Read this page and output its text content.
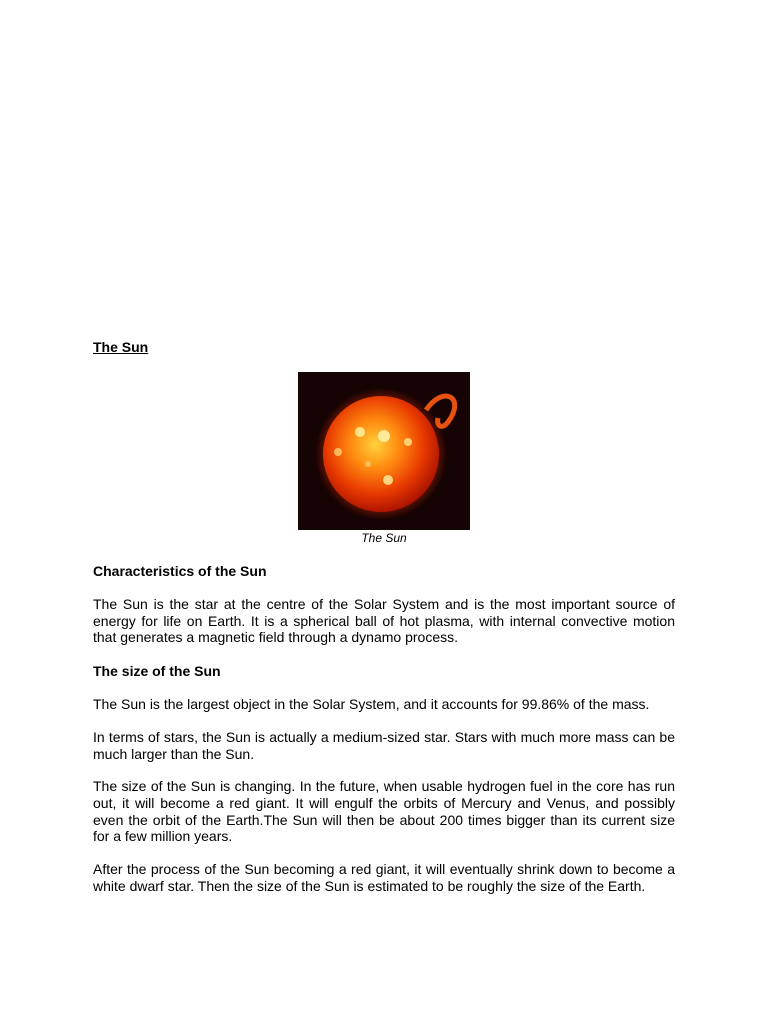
The Sun

The Sun

Characteristics of the Sun

The Sun is the star at the centre of the Solar System and is the most important source of energy for life on Earth. It is a spherical ball of hot plasma, with internal convective motion that generates a magnetic field through a dynamo process.

The size of the Sun

The Sun is the largest object in the Solar System, and it accounts for 99.86% of the mass.

In terms of stars, the Sun is actually a medium-sized star. Stars with much more mass can be much larger than the Sun.

The size of the Sun is changing. In the future, when usable hydrogen fuel in the core has run out, it will become a red giant. It will engulf the orbits of Mercury and Venus, and possibly even the orbit of the Earth.The Sun will then be about 200 times bigger than its current size for a few million years.

After the process of the Sun becoming a red giant, it will eventually shrink down to become a white dwarf star. Then the size of the Sun is estimated to be roughly the size of the Earth.
